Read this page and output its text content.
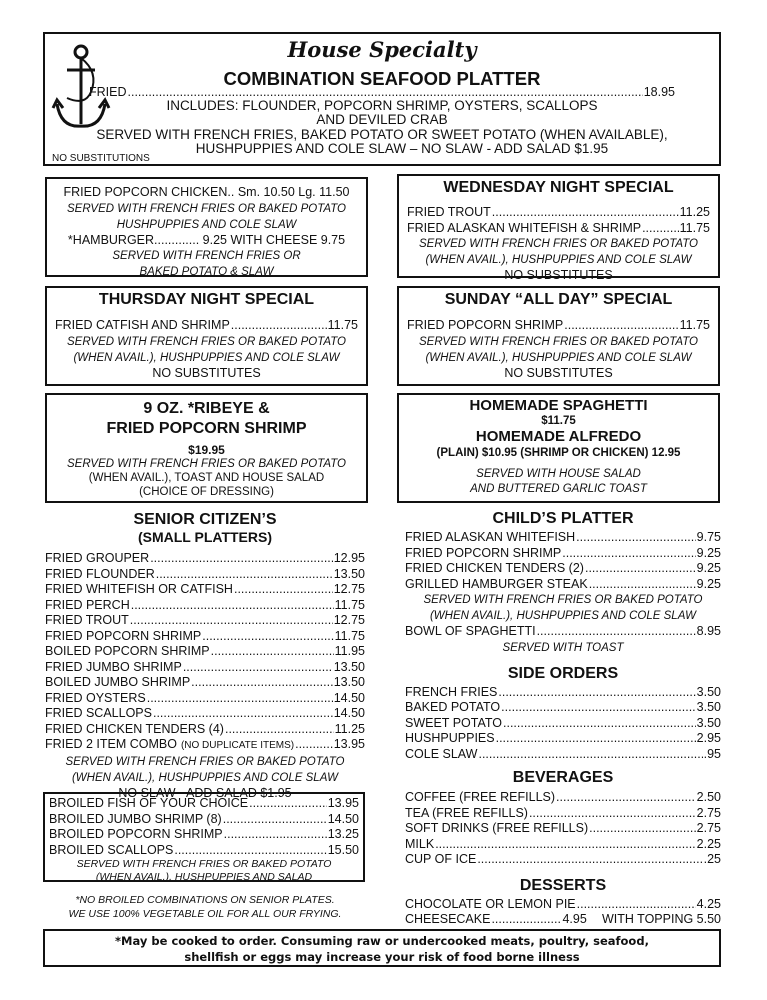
House Specialty
COMBINATION SEAFOOD PLATTER
FRIED .....	18.95
INCLUDES: FLOUNDER, POPCORN SHRIMP, OYSTERS, SCALLOPS
AND DEVILED CRAB
SERVED WITH FRENCH FRIES, BAKED POTATO OR SWEET POTATO (WHEN AVAILABLE),
HUSHPUPPIES AND COLE SLAW – NO SLAW - ADD SALAD $1.95
NO SUBSTITUTIONS
FRIED POPCORN CHICKEN.. Sm. 10.50 Lg. 11.50
SERVED WITH FRENCH FRIES OR BAKED POTATO
HUSHPUPPIES AND COLE SLAW
*HAMBURGER............. 9.25 WITH CHEESE 9.75
SERVED WITH FRENCH FRIES OR
BAKED POTATO & SLAW
WEDNESDAY NIGHT SPECIAL
FRIED TROUT .....	11.25
FRIED ALASKAN WHITEFISH & SHRIMP .....	11.75
SERVED WITH FRENCH FRIES OR BAKED POTATO
(WHEN AVAIL.), HUSHPUPPIES AND COLE SLAW
NO SUBSTITUTES
THURSDAY NIGHT SPECIAL
FRIED CATFISH AND SHRIMP .....	11.75
SERVED WITH FRENCH FRIES OR BAKED POTATO
(WHEN AVAIL.), HUSHPUPPIES AND COLE SLAW
NO SUBSTITUTES
SUNDAY “ALL DAY” SPECIAL
FRIED POPCORN SHRIMP .....	11.75
SERVED WITH FRENCH FRIES OR BAKED POTATO
(WHEN AVAIL.), HUSHPUPPIES AND COLE SLAW
NO SUBSTITUTES
9 OZ. *RIBEYE &
FRIED POPCORN SHRIMP
$19.95
SERVED WITH FRENCH FRIES OR BAKED POTATO
(WHEN AVAIL.), TOAST AND HOUSE SALAD
(CHOICE OF DRESSING)
HOMEMADE SPAGHETTI
$11.75
HOMEMADE ALFREDO
(PLAIN) $10.95 (SHRIMP OR CHICKEN) 12.95
SERVED WITH HOUSE SALAD
AND BUTTERED GARLIC TOAST
SENIOR CITIZEN’S
(SMALL PLATTERS)
FRIED GROUPER .....	12.95
FRIED FLOUNDER .....	13.50
FRIED WHITEFISH OR CATFISH .....	12.75
FRIED PERCH .....	11.75
FRIED TROUT .....	12.75
FRIED POPCORN SHRIMP .....	11.75
BOILED POPCORN SHRIMP .....	11.95
FRIED JUMBO SHRIMP .....	13.50
BOILED JUMBO SHRIMP .....	13.50
FRIED OYSTERS .....	14.50
FRIED SCALLOPS .....	14.50
FRIED CHICKEN TENDERS (4) .....	11.25
FRIED 2 ITEM COMBO (NO DUPLICATE ITEMS) .....	13.95
SERVED WITH FRENCH FRIES OR BAKED POTATO
(WHEN AVAIL.), HUSHPUPPIES AND COLE SLAW
NO SLAW - ADD SALAD $1.95
BROILED FISH OF YOUR CHOICE .....	13.95
BROILED JUMBO SHRIMP (8) .....	14.50
BROILED POPCORN SHRIMP .....	13.25
BROILED SCALLOPS .....	15.50
SERVED WITH FRENCH FRIES OR BAKED POTATO
(WHEN AVAIL.), HUSHPUPPIES AND SALAD
*NO BROILED COMBINATIONS ON SENIOR PLATES.
WE USE 100% VEGETABLE OIL FOR ALL OUR FRYING.
CHILD’S PLATTER
FRIED ALASKAN WHITEFISH .....	9.75
FRIED POPCORN SHRIMP .....	9.25
FRIED CHICKEN TENDERS (2) .....	9.25
GRILLED HAMBURGER STEAK .....	9.25
SERVED WITH FRENCH FRIES OR BAKED POTATO
(WHEN AVAIL.), HUSHPUPPIES AND COLE SLAW
BOWL OF SPAGHETTI .....	8.95
SERVED WITH TOAST
SIDE ORDERS
FRENCH FRIES .....	3.50
BAKED POTATO .....	3.50
SWEET POTATO .....	3.50
HUSHPUPPIES .....	2.95
COLE SLAW .....	.95
BEVERAGES
COFFEE (FREE REFILLS) .....	2.50
TEA (FREE REFILLS) .....	2.75
SOFT DRINKS (FREE REFILLS) .....	2.75
MILK .....	2.25
CUP OF ICE .....	.25
DESSERTS
CHOCOLATE OR LEMON PIE .....	4.25
CHEESECAKE .....	4.95 WITH TOPPING 5.50
*May be cooked to order. Consuming raw or undercooked meats, poultry, seafood,
shellfish or eggs may increase your risk of food borne illness
